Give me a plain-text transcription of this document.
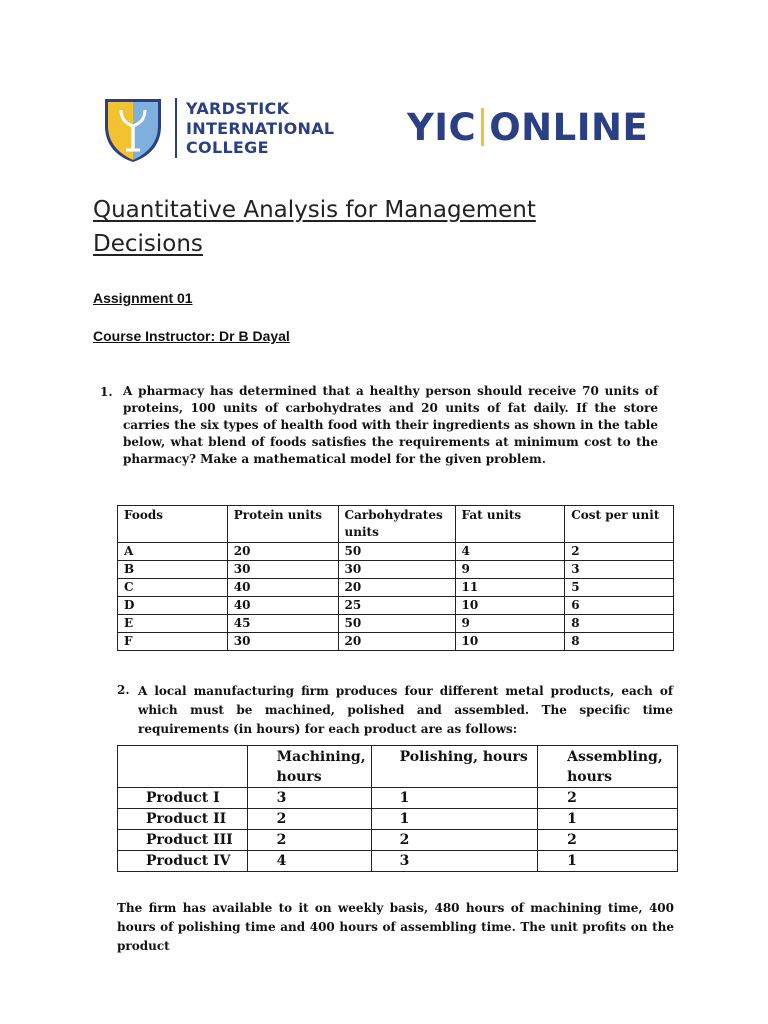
YARDSTICK
INTERNATIONAL
COLLEGE	YIC ONLINE
Quantitative Analysis for Management Decisions
Assignment 01
Course Instructor: Dr B Dayal
1. A pharmacy has determined that a healthy person should receive 70 units of proteins, 100 units of carbohydrates and 20 units of fat daily. If the store carries the six types of health food with their ingredients as shown in the table below, what blend of foods satisfies the requirements at minimum cost to the pharmacy? Make a mathematical model for the given problem.

Foods	Protein units	Carbohydrates units	Fat units	Cost per unit
A	20	50	4	2
B	30	30	9	3
C	40	20	11	5
D	40	25	10	6
E	45	50	9	8
F	30	20	10	8
2. A local manufacturing firm produces four different metal products, each of which must be machined, polished and assembled. The specific time requirements (in hours) for each product are as follows:

	Machining, hours	Polishing, hours	Assembling, hours
Product I	3	1	2
Product II	2	1	1
Product III	2	2	2
Product IV	4	3	1

The firm has available to it on weekly basis, 480 hours of machining time, 400 hours of polishing time and 400 hours of assembling time. The unit profits on the product
